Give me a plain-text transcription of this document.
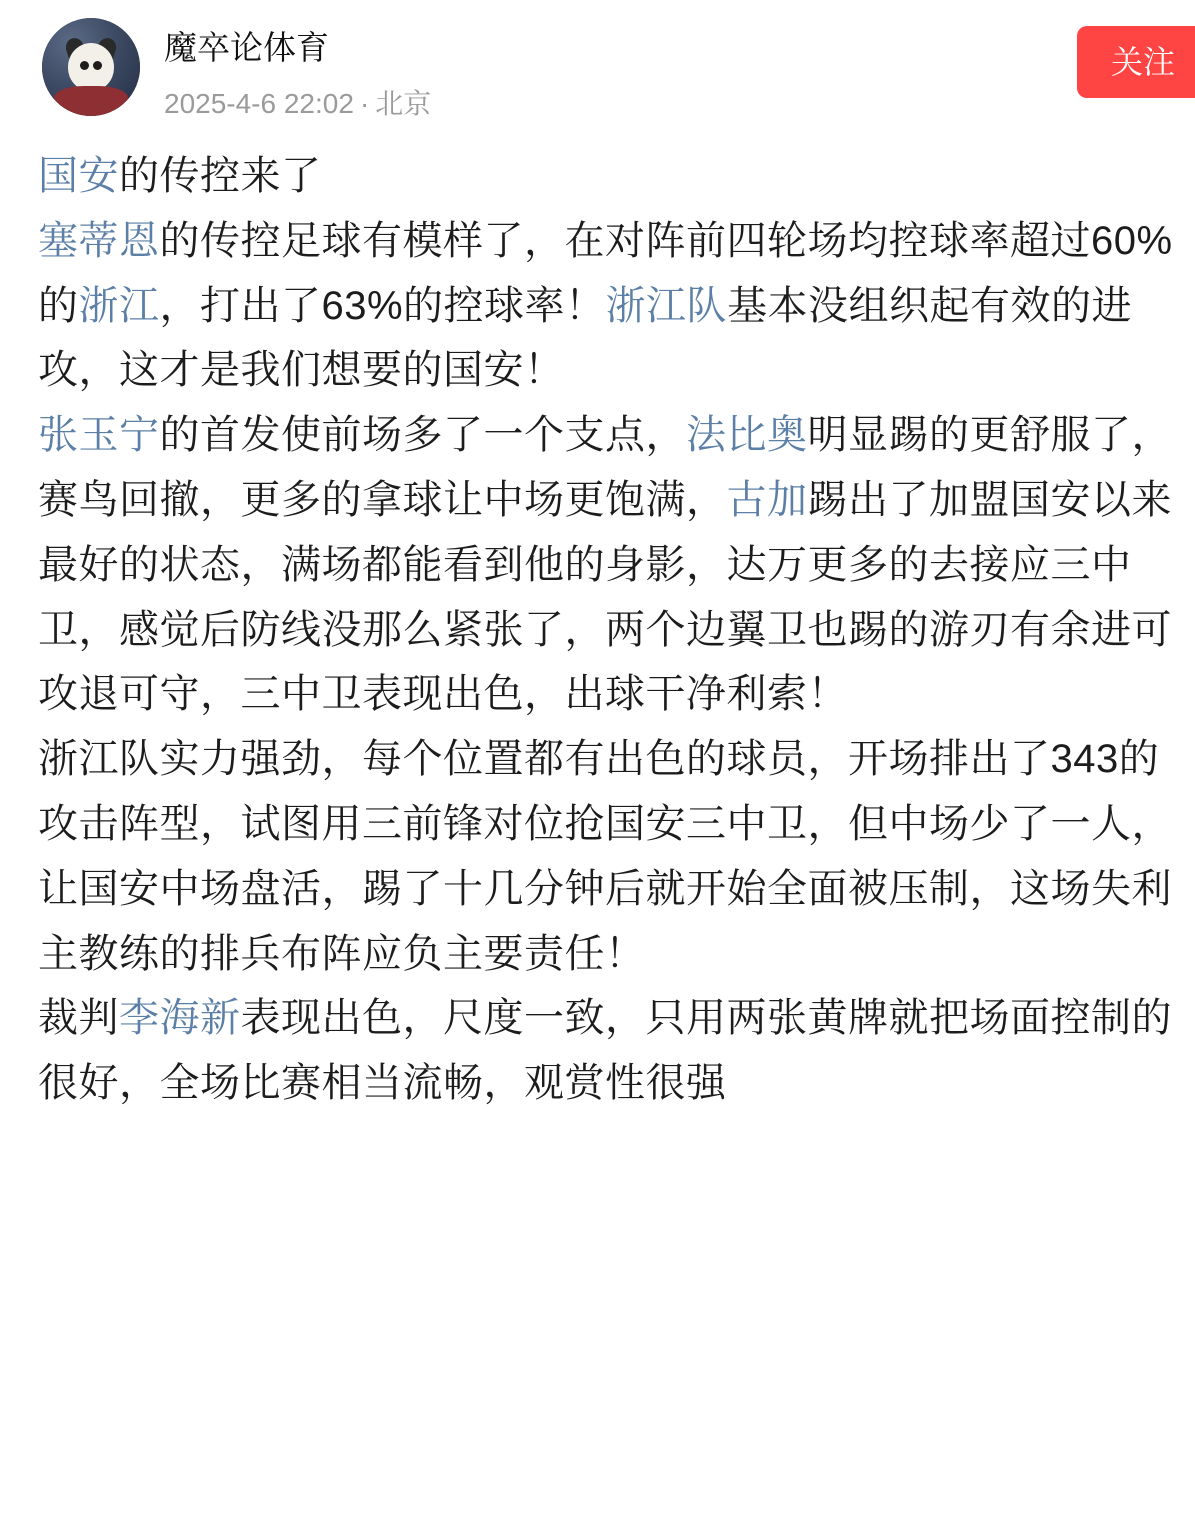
魔卒论体育
2025-4-6 22:02 · 北京
关注

国安的传控来了

塞蒂恩的传控足球有模样了，在对阵前四轮场均控球率超过60%的浙江，打出了63%的控球率！浙江队基本没组织起有效的进攻，这才是我们想要的国安！

张玉宁的首发使前场多了一个支点，法比奥明显踢的更舒服了，赛鸟回撤，更多的拿球让中场更饱满，古加踢出了加盟国安以来最好的状态，满场都能看到他的身影，达万更多的去接应三中卫，感觉后防线没那么紧张了，两个边翼卫也踢的游刃有余进可攻退可守，三中卫表现出色，出球干净利索！

浙江队实力强劲，每个位置都有出色的球员，开场排出了343的攻击阵型，试图用三前锋对位抢国安三中卫，但中场少了一人，让国安中场盘活，踢了十几分钟后就开始全面被压制，这场失利主教练的排兵布阵应负主要责任！

裁判李海新表现出色，尺度一致，只用两张黄牌就把场面控制的很好，全场比赛相当流畅，观赏性很强
